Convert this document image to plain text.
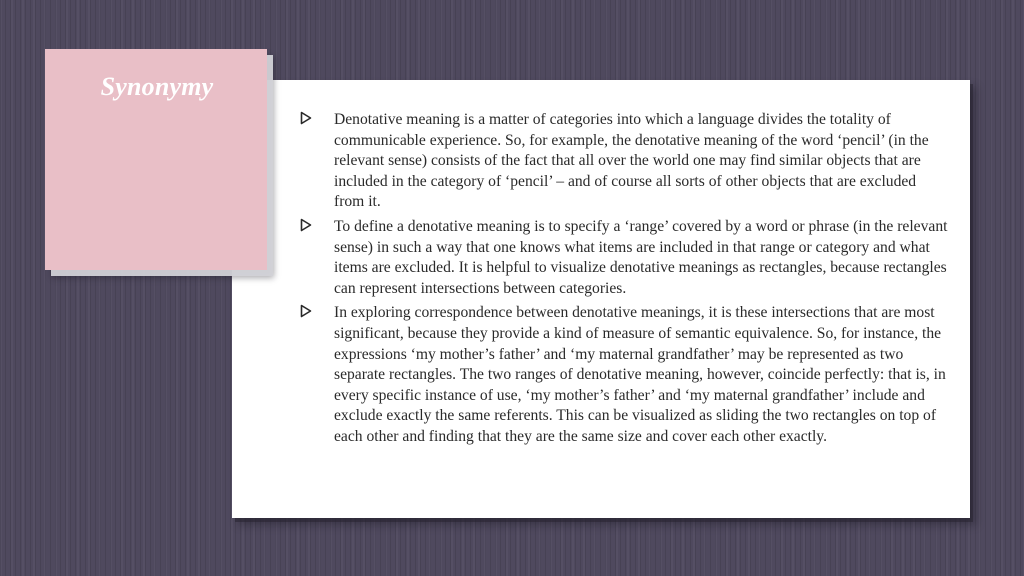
Synonymy
Denotative meaning is a matter of categories into which a language divides the totality of communicable experience. So, for example, the denotative meaning of the word ‘pencil’ (in the relevant sense) consists of the fact that all over the world one may find similar objects that are included in the category of ‘pencil’ – and of course all sorts of other objects that are excluded from it.
To define a denotative meaning is to specify a ‘range’ covered by a word or phrase (in the relevant sense) in such a way that one knows what items are included in that range or category and what items are excluded. It is helpful to visualize denotative meanings as rectangles, because rectangles can represent intersections between categories.
In exploring correspondence between denotative meanings, it is these intersections that are most significant, because they provide a kind of measure of semantic equivalence. So, for instance, the expressions ‘my mother’s father’ and ‘my maternal grandfather’ may be represented as two separate rectangles. The two ranges of denotative meaning, however, coincide perfectly: that is, in every specific instance of use, ‘my mother’s father’ and ‘my maternal grandfather’ include and exclude exactly the same referents. This can be visualized as sliding the two rectangles on top of each other and finding that they are the same size and cover each other exactly.
